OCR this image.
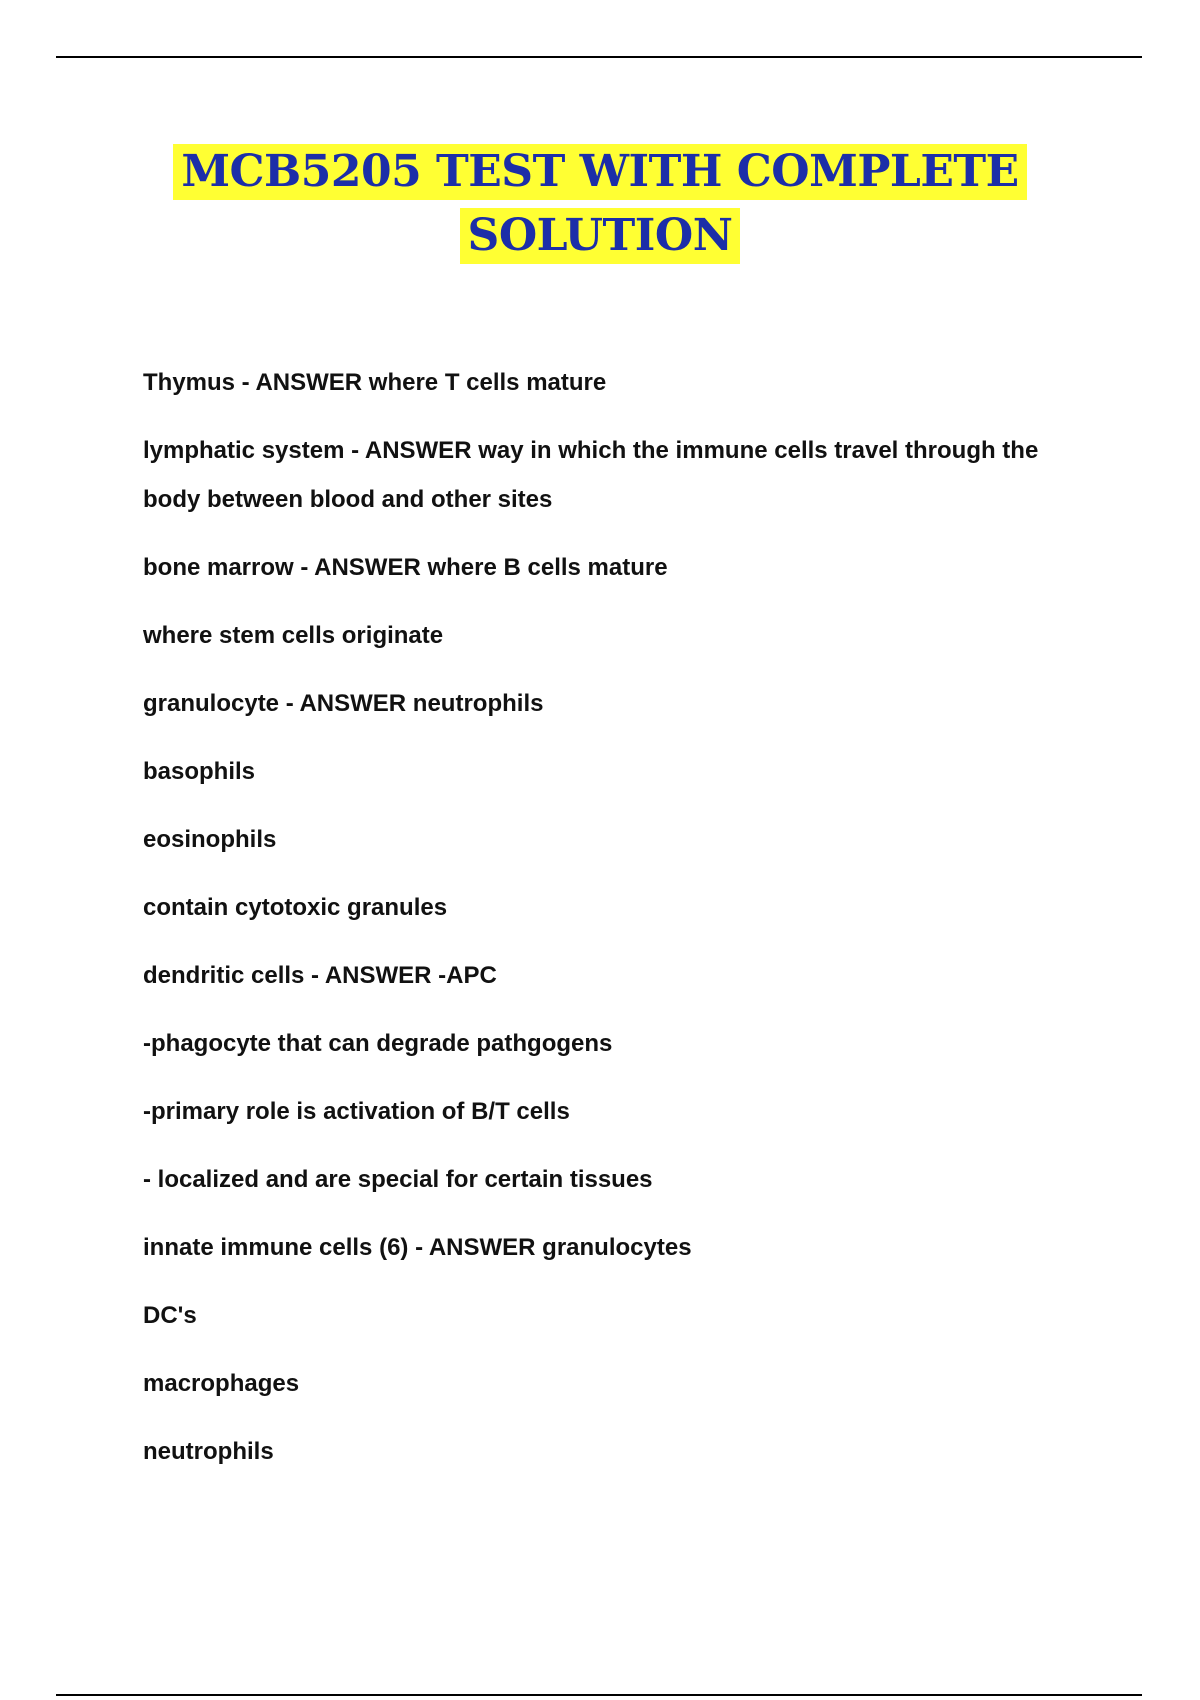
MCB5205 TEST WITH COMPLETE
SOLUTION
Thymus - ANSWER where T cells mature
lymphatic system - ANSWER way in which the immune cells travel through the body between blood and other sites
bone marrow - ANSWER where B cells mature
where stem cells originate
granulocyte - ANSWER neutrophils
basophils
eosinophils
contain cytotoxic granules
dendritic cells - ANSWER -APC
-phagocyte that can degrade pathgogens
-primary role is activation of B/T cells
- localized and are special for certain tissues
innate immune cells (6) - ANSWER granulocytes
DC's
macrophages
neutrophils
